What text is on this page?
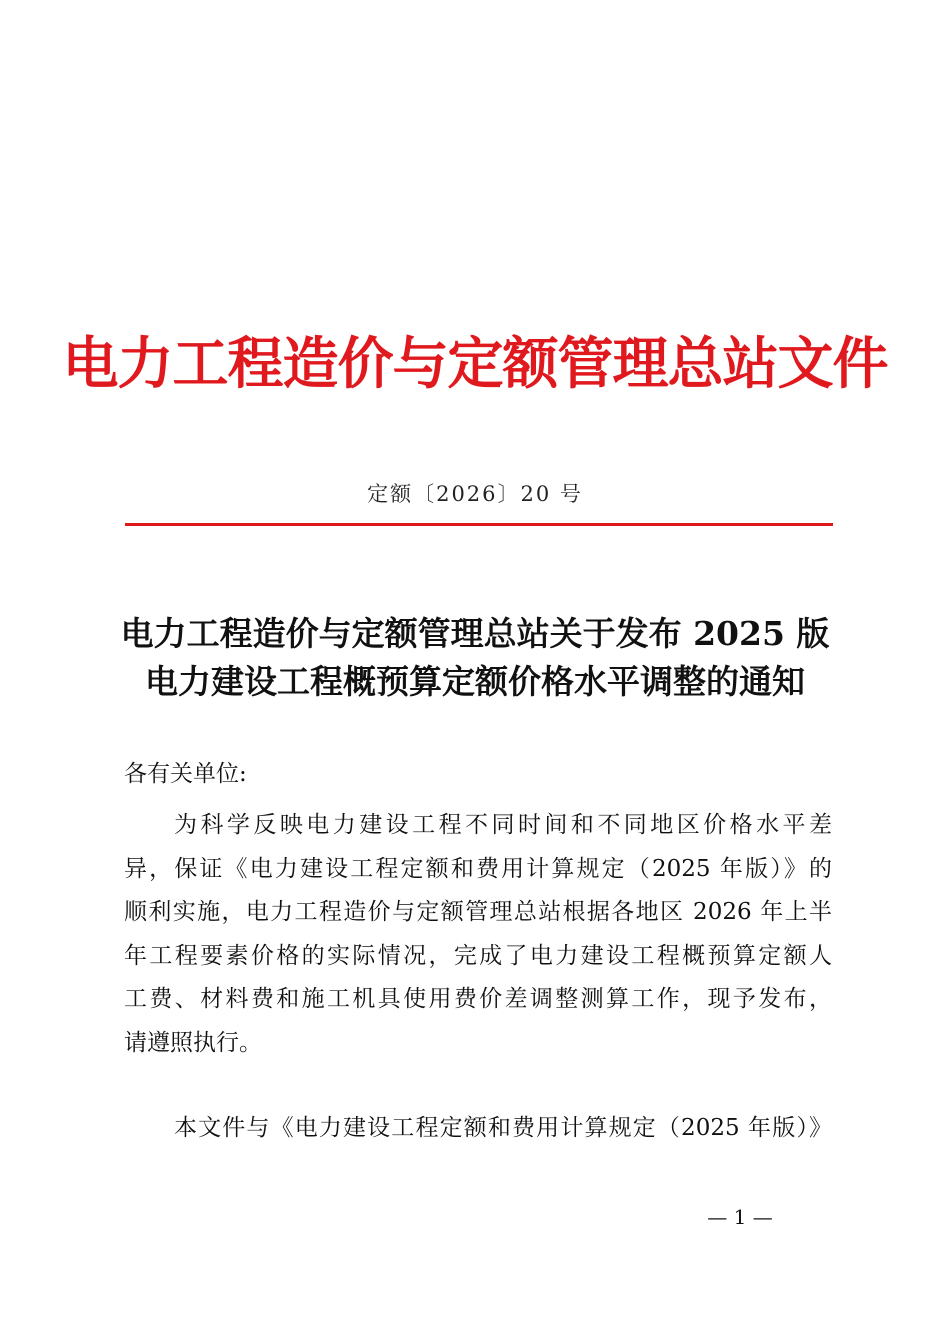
电力工程造价与定额管理总站文件
定额〔2026〕20 号
电力工程造价与定额管理总站关于发布 2025 版
电力建设工程概预算定额价格水平调整的通知

各有关单位:

为科学反映电力建设工程不同时间和不同地区价格水平差
异，保证《电力建设工程定额和费用计算规定（2025 年版）》的
顺利实施，电力工程造价与定额管理总站根据各地区 2026 年上半
年工程要素价格的实际情况，完成了电力建设工程概预算定额人
工费、材料费和施工机具使用费价差调整测算工作，现予发布，
请遵照执行。
本文件与《电力建设工程定额和费用计算规定（2025 年版）》
— 1 —
